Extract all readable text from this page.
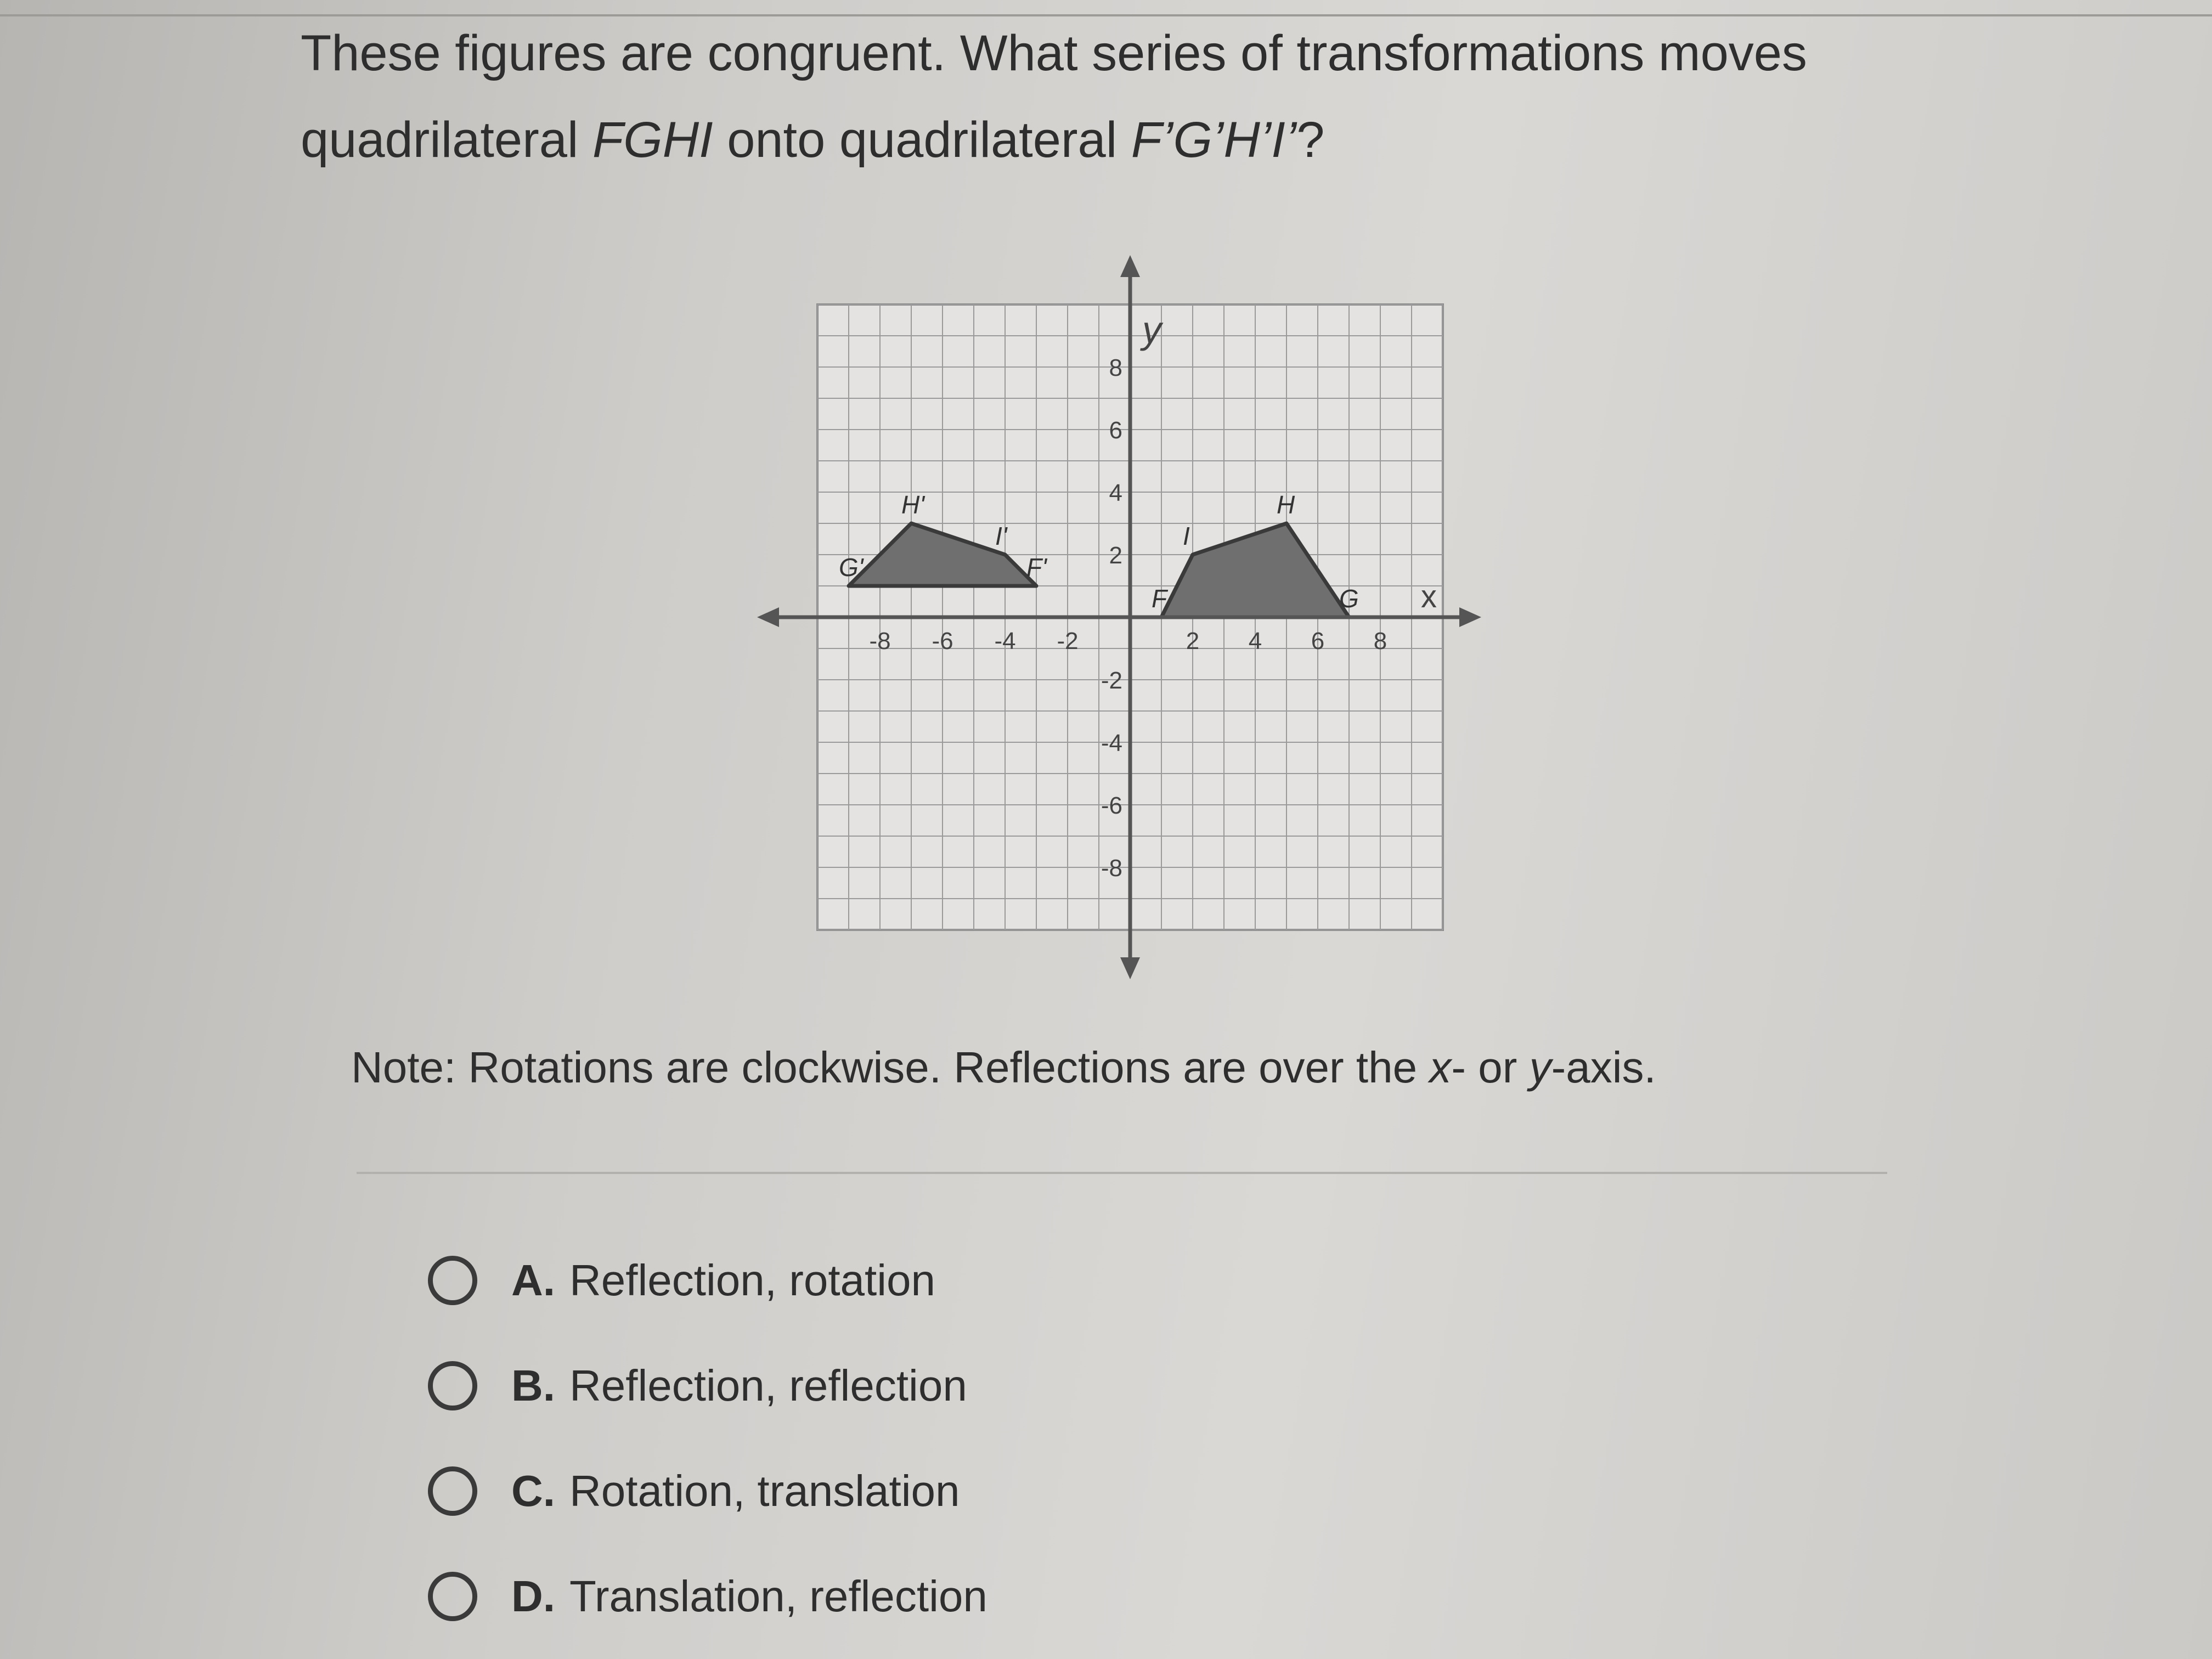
These figures are congruent. What series of transformations moves
quadrilateral FGHI onto quadrilateral F’G’H’I’?
-8 -6 -4 -2	2 4 6 8
8
6
4
2
-2
-4
-6
-8
F	G
H
I
F'
G'
H'
I'
x
y
Note: Rotations are clockwise. Reflections are over the x- or y-axis.
A. Reflection, rotation
B. Reflection, reflection
C. Rotation, translation
D. Translation, reflection
